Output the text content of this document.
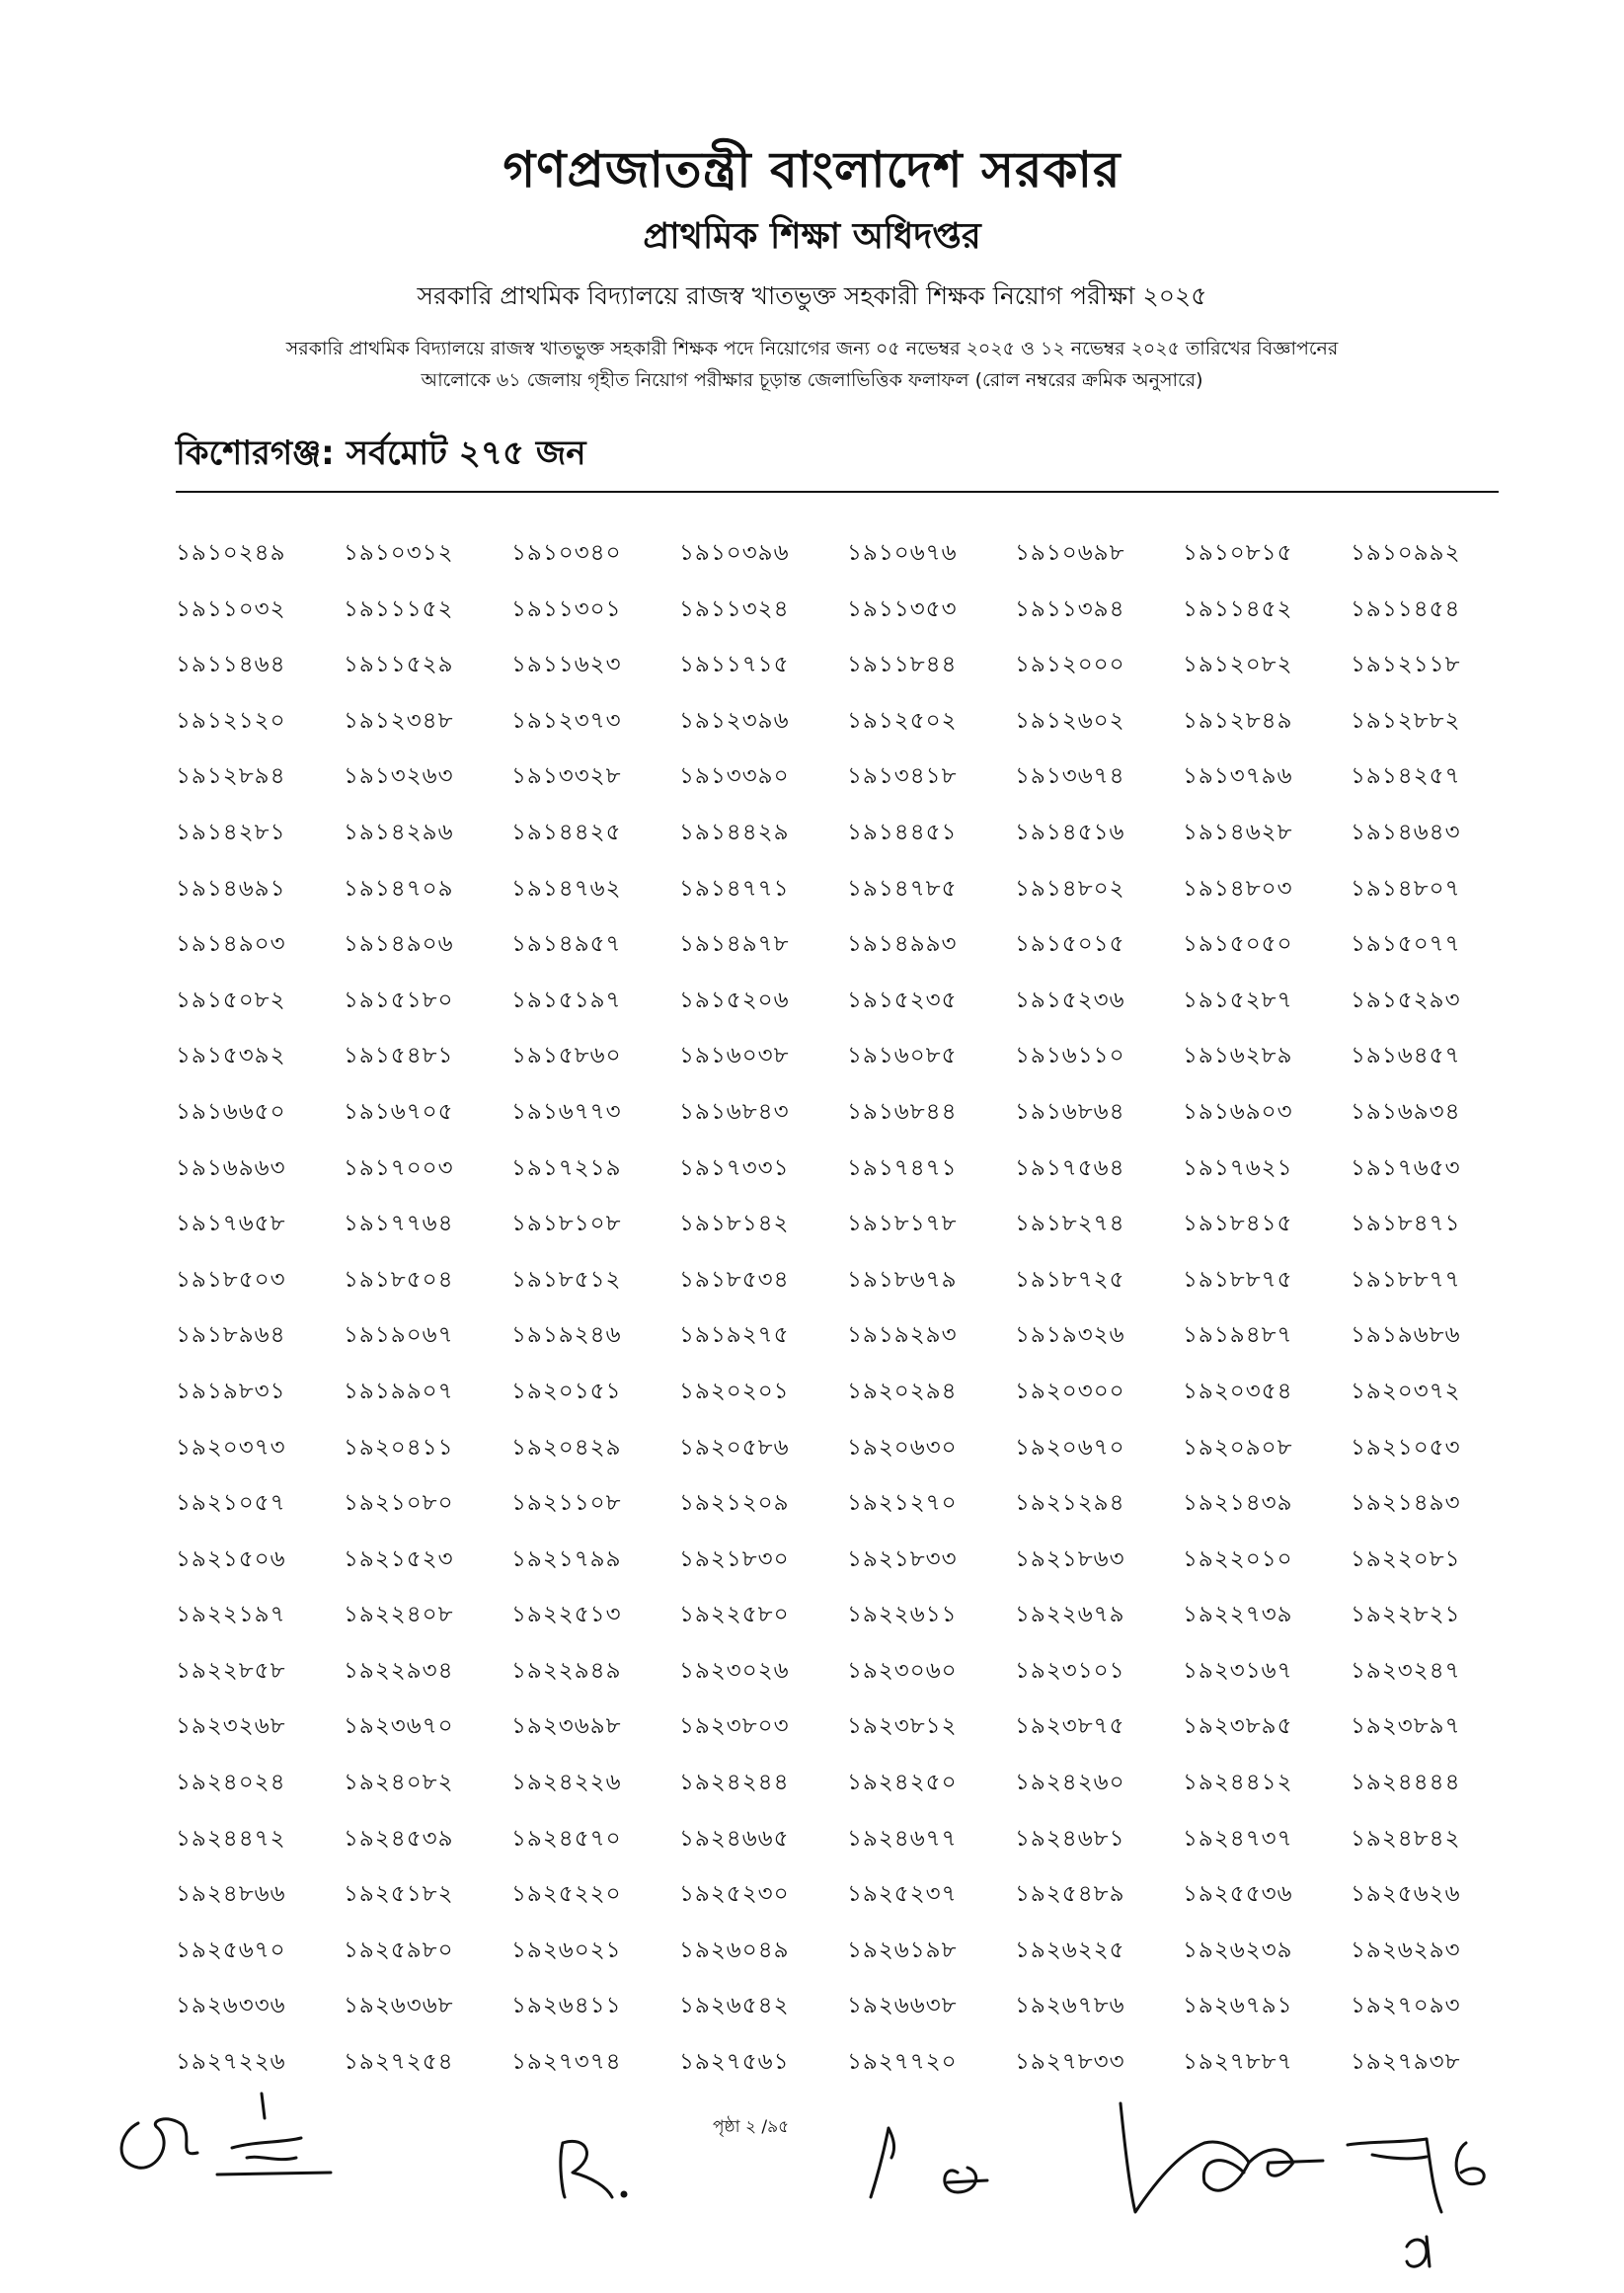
গণপ্রজাতন্ত্রী বাংলাদেশ সরকার
প্রাথমিক শিক্ষা অধিদপ্তর
সরকারি প্রাথমিক বিদ্যালয়ে রাজস্ব খাতভুক্ত সহকারী শিক্ষক নিয়োগ পরীক্ষা ২০২৫
সরকারি প্রাথমিক বিদ্যালয়ে রাজস্ব খাতভুক্ত সহকারী শিক্ষক পদে নিয়োগের জন্য ০৫ নভেম্বর ২০২৫ ও ১২ নভেম্বর ২০২৫ তারিখের বিজ্ঞাপনের
আলোকে ৬১ জেলায় গৃহীত নিয়োগ পরীক্ষার চূড়ান্ত জেলাভিত্তিক ফলাফল (রোল নম্বরের ক্রমিক অনুসারে)
কিশোরগঞ্জ: সর্বমোট ২৭৫ জন
১৯১০২৪৯	১৯১০৩১২	১৯১০৩৪০	১৯১০৩৯৬	১৯১০৬৭৬	১৯১০৬৯৮	১৯১০৮১৫	১৯১০৯৯২
১৯১১০৩২	১৯১১১৫২	১৯১১৩০১	১৯১১৩২৪	১৯১১৩৫৩	১৯১১৩৯৪	১৯১১৪৫২	১৯১১৪৫৪
১৯১১৪৬৪	১৯১১৫২৯	১৯১১৬২৩	১৯১১৭১৫	১৯১১৮৪৪	১৯১২০০০	১৯১২০৮২	১৯১২১১৮
১৯১২১২০	১৯১২৩৪৮	১৯১২৩৭৩	১৯১২৩৯৬	১৯১২৫০২	১৯১২৬০২	১৯১২৮৪৯	১৯১২৮৮২
১৯১২৮৯৪	১৯১৩২৬৩	১৯১৩৩২৮	১৯১৩৩৯০	১৯১৩৪১৮	১৯১৩৬৭৪	১৯১৩৭৯৬	১৯১৪২৫৭
১৯১৪২৮১	১৯১৪২৯৬	১৯১৪৪২৫	১৯১৪৪২৯	১৯১৪৪৫১	১৯১৪৫১৬	১৯১৪৬২৮	১৯১৪৬৪৩
১৯১৪৬৯১	১৯১৪৭০৯	১৯১৪৭৬২	১৯১৪৭৭১	১৯১৪৭৮৫	১৯১৪৮০২	১৯১৪৮০৩	১৯১৪৮০৭
১৯১৪৯০৩	১৯১৪৯০৬	১৯১৪৯৫৭	১৯১৪৯৭৮	১৯১৪৯৯৩	১৯১৫০১৫	১৯১৫০৫০	১৯১৫০৭৭
১৯১৫০৮২	১৯১৫১৮০	১৯১৫১৯৭	১৯১৫২০৬	১৯১৫২৩৫	১৯১৫২৩৬	১৯১৫২৮৭	১৯১৫২৯৩
১৯১৫৩৯২	১৯১৫৪৮১	১৯১৫৮৬০	১৯১৬০৩৮	১৯১৬০৮৫	১৯১৬১১০	১৯১৬২৮৯	১৯১৬৪৫৭
১৯১৬৬৫০	১৯১৬৭০৫	১৯১৬৭৭৩	১৯১৬৮৪৩	১৯১৬৮৪৪	১৯১৬৮৬৪	১৯১৬৯০৩	১৯১৬৯৩৪
১৯১৬৯৬৩	১৯১৭০০৩	১৯১৭২১৯	১৯১৭৩৩১	১৯১৭৪৭১	১৯১৭৫৬৪	১৯১৭৬২১	১৯১৭৬৫৩
১৯১৭৬৫৮	১৯১৭৭৬৪	১৯১৮১০৮	১৯১৮১৪২	১৯১৮১৭৮	১৯১৮২৭৪	১৯১৮৪১৫	১৯১৮৪৭১
১৯১৮৫০৩	১৯১৮৫০৪	১৯১৮৫১২	১৯১৮৫৩৪	১৯১৮৬৭৯	১৯১৮৭২৫	১৯১৮৮৭৫	১৯১৮৮৭৭
১৯১৮৯৬৪	১৯১৯০৬৭	১৯১৯২৪৬	১৯১৯২৭৫	১৯১৯২৯৩	১৯১৯৩২৬	১৯১৯৪৮৭	১৯১৯৬৮৬
১৯১৯৮৩১	১৯১৯৯০৭	১৯২০১৫১	১৯২০২০১	১৯২০২৯৪	১৯২০৩০০	১৯২০৩৫৪	১৯২০৩৭২
১৯২০৩৭৩	১৯২০৪১১	১৯২০৪২৯	১৯২০৫৮৬	১৯২০৬৩০	১৯২০৬৭০	১৯২০৯০৮	১৯২১০৫৩
১৯২১০৫৭	১৯২১০৮০	১৯২১১০৮	১৯২১২০৯	১৯২১২৭০	১৯২১২৯৪	১৯২১৪৩৯	১৯২১৪৯৩
১৯২১৫০৬	১৯২১৫২৩	১৯২১৭৯৯	১৯২১৮৩০	১৯২১৮৩৩	১৯২১৮৬৩	১৯২২০১০	১৯২২০৮১
১৯২২১৯৭	১৯২২৪০৮	১৯২২৫১৩	১৯২২৫৮০	১৯২২৬১১	১৯২২৬৭৯	১৯২২৭৩৯	১৯২২৮২১
১৯২২৮৫৮	১৯২২৯৩৪	১৯২২৯৪৯	১৯২৩০২৬	১৯২৩০৬০	১৯২৩১০১	১৯২৩১৬৭	১৯২৩২৪৭
১৯২৩২৬৮	১৯২৩৬৭০	১৯২৩৬৯৮	১৯২৩৮০৩	১৯২৩৮১২	১৯২৩৮৭৫	১৯২৩৮৯৫	১৯২৩৮৯৭
১৯২৪০২৪	১৯২৪০৮২	১৯২৪২২৬	১৯২৪২৪৪	১৯২৪২৫০	১৯২৪২৬০	১৯২৪৪১২	১৯২৪৪৪৪
১৯২৪৪৭২	১৯২৪৫৩৯	১৯২৪৫৭০	১৯২৪৬৬৫	১৯২৪৬৭৭	১৯২৪৬৮১	১৯২৪৭৩৭	১৯২৪৮৪২
১৯২৪৮৬৬	১৯২৫১৮২	১৯২৫২২০	১৯২৫২৩০	১৯২৫২৩৭	১৯২৫৪৮৯	১৯২৫৫৩৬	১৯২৫৬২৬
১৯২৫৬৭০	১৯২৫৯৮০	১৯২৬০২১	১৯২৬০৪৯	১৯২৬১৯৮	১৯২৬২২৫	১৯২৬২৩৯	১৯২৬২৯৩
১৯২৬৩৩৬	১৯২৬৩৬৮	১৯২৬৪১১	১৯২৬৫৪২	১৯২৬৬৩৮	১৯২৬৭৮৬	১৯২৬৭৯১	১৯২৭০৯৩
১৯২৭২২৬	১৯২৭২৫৪	১৯২৭৩৭৪	১৯২৭৫৬১	১৯২৭৭২০	১৯২৭৮৩৩	১৯২৭৮৮৭	১৯২৭৯৩৮
পৃষ্ঠা ২ /৯৫
